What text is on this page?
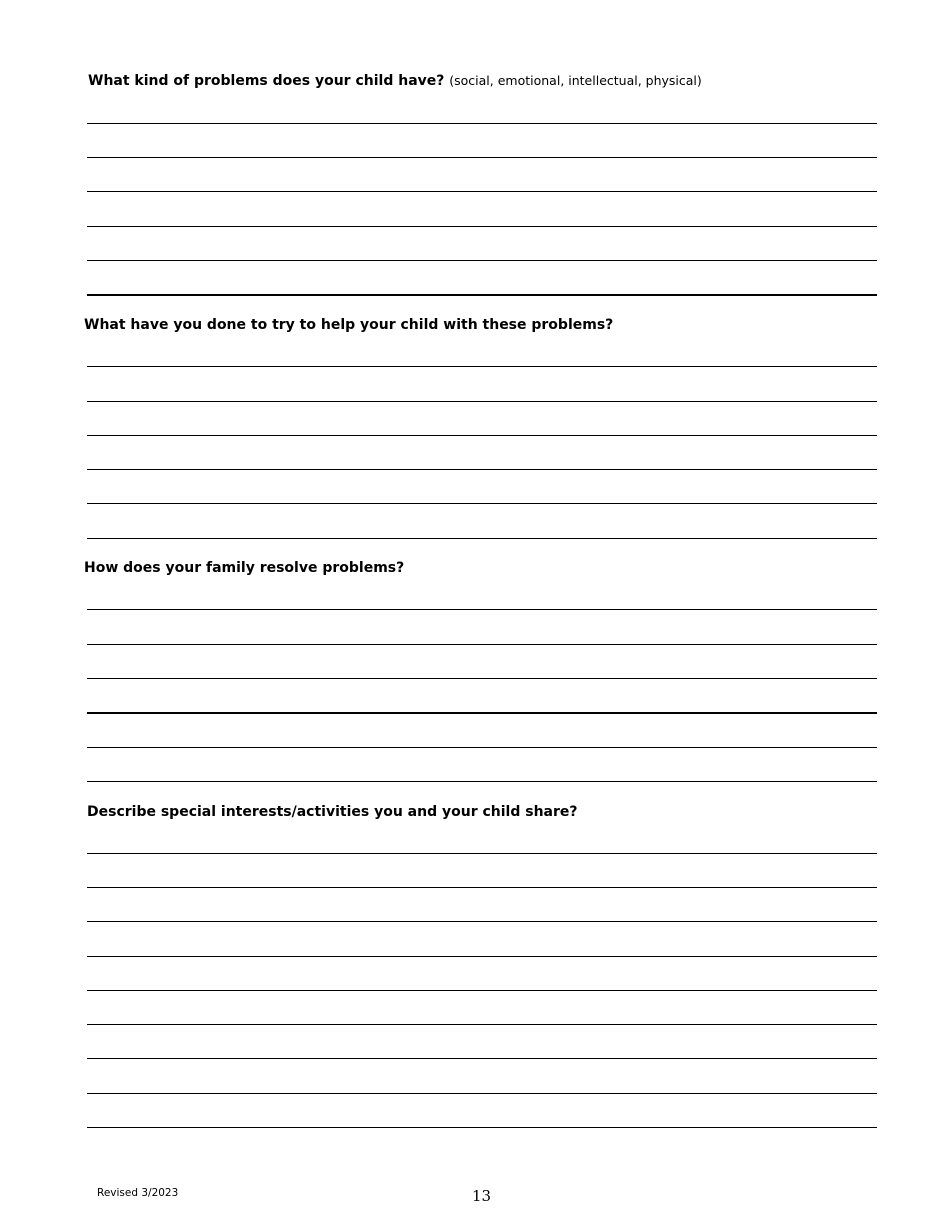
What kind of problems does your child have? (social, emotional, intellectual, physical)
What have you done to try to help your child with these problems?
How does your family resolve problems?
Describe special interests/activities you and your child share?
Revised 3/2023	13
